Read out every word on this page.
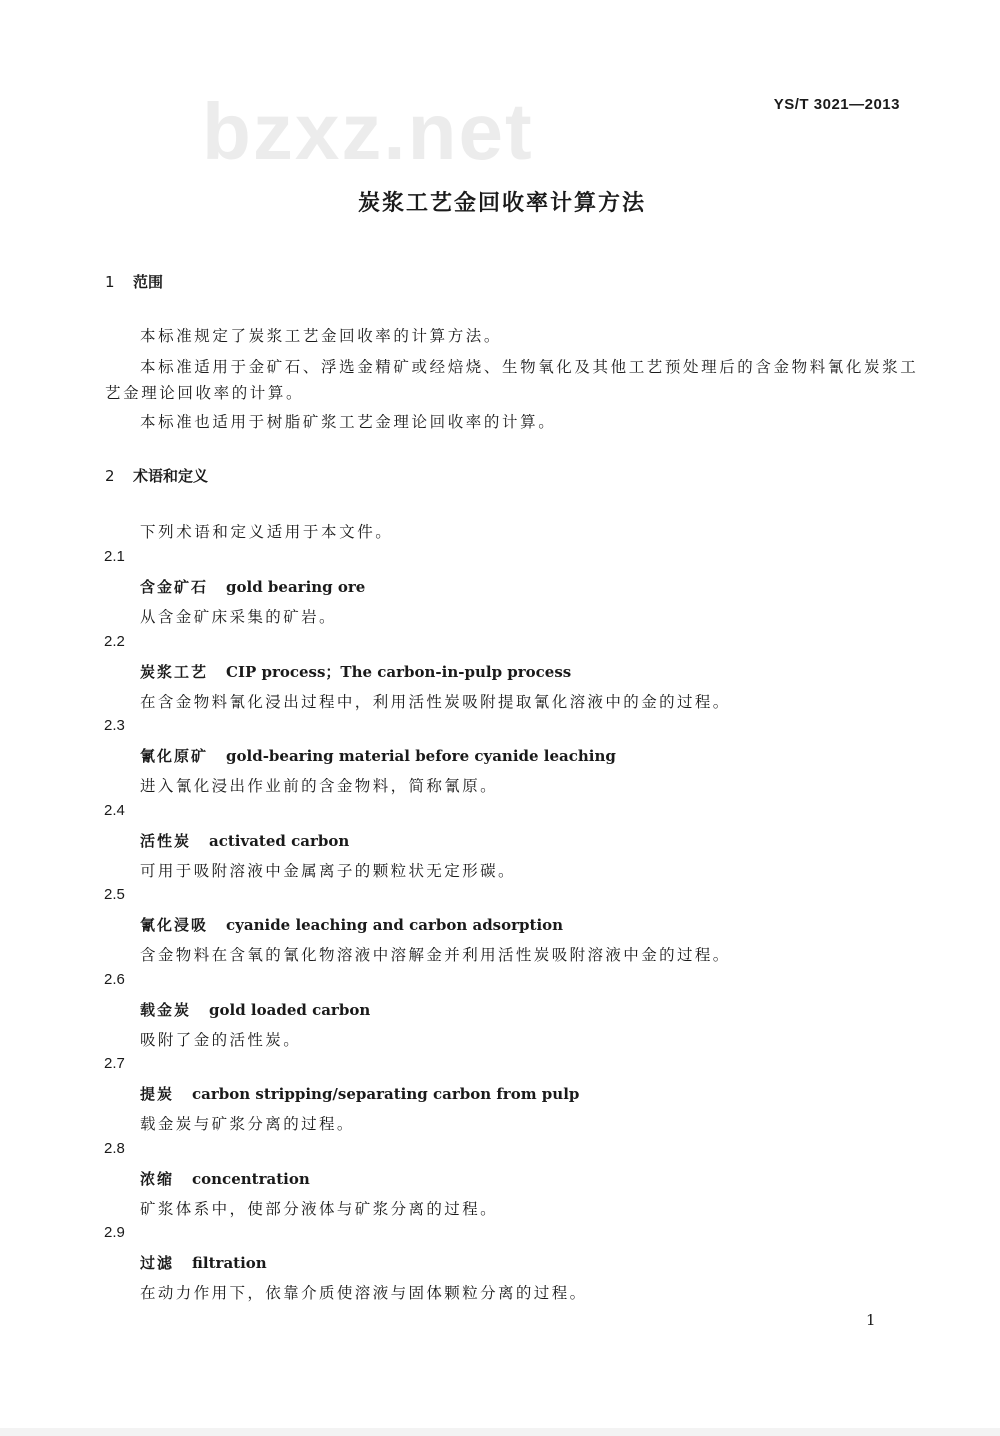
bzxz.net	YS/T 3021—2013
炭浆工艺金回收率计算方法
1 范围
本标准规定了炭浆工艺金回收率的计算方法。
本标准适用于金矿石、浮选金精矿或经焙烧、生物氧化及其他工艺预处理后的含金物料氰化炭浆工
艺金理论回收率的计算。
本标准也适用于树脂矿浆工艺金理论回收率的计算。
2 术语和定义
下列术语和定义适用于本文件。
2.1
含金矿石 gold bearing ore
从含金矿床采集的矿岩。
2.2
炭浆工艺 CIP process；The carbon-in-pulp process
在含金物料氰化浸出过程中，利用活性炭吸附提取氰化溶液中的金的过程。
2.3
氰化原矿 gold-bearing material before cyanide leaching
进入氰化浸出作业前的含金物料，简称氰原。
2.4
活性炭 activated carbon
可用于吸附溶液中金属离子的颗粒状无定形碳。
2.5
氰化浸吸 cyanide leaching and carbon adsorption
含金物料在含氧的氰化物溶液中溶解金并利用活性炭吸附溶液中金的过程。
2.6
载金炭 gold loaded carbon
吸附了金的活性炭。
2.7
提炭 carbon stripping/separating carbon from pulp
载金炭与矿浆分离的过程。
2.8
浓缩 concentration
矿浆体系中，使部分液体与矿浆分离的过程。
2.9
过滤 filtration
在动力作用下，依靠介质使溶液与固体颗粒分离的过程。
1
